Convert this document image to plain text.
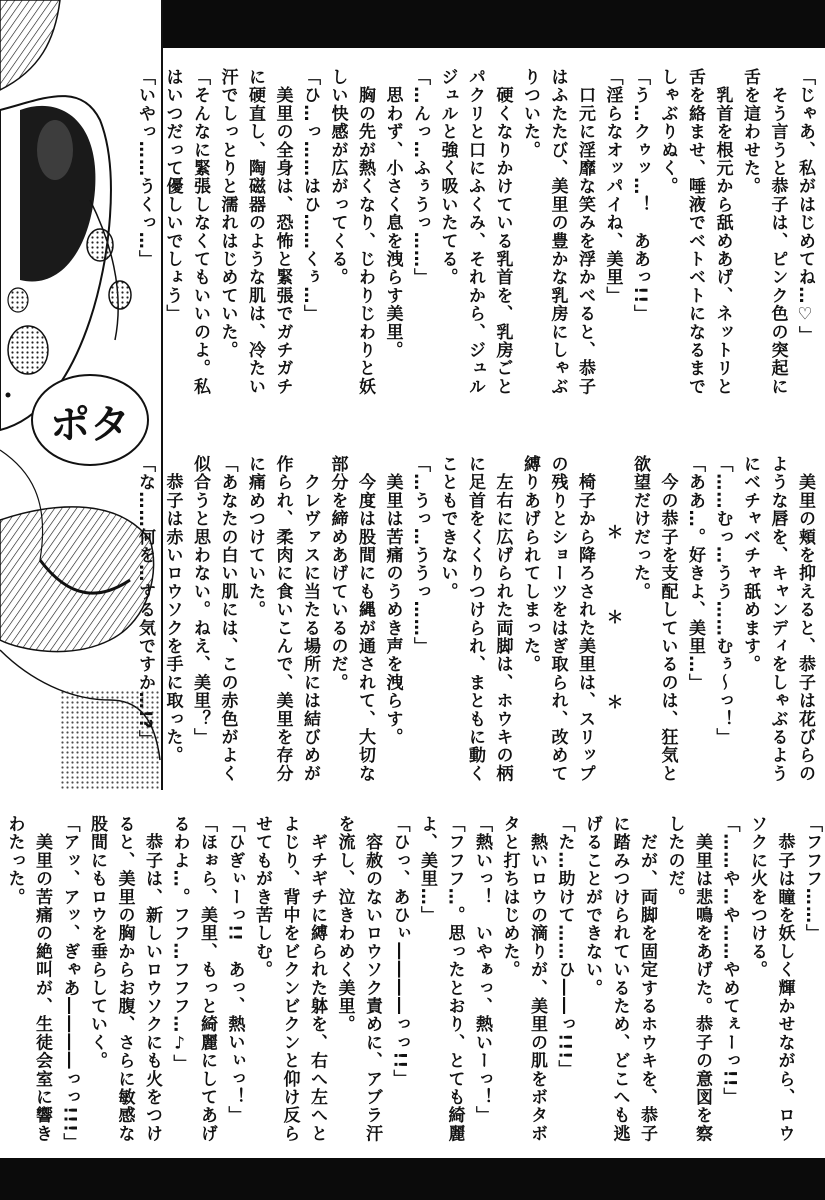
ポタ

「じゃあ、私がはじめてね…♡」

　そう言うと恭子は、ピンク色の突起に

舌を這わせた。

　乳首を根元から舐めあげ、ネットリと

舌を絡ませ、唾液でベトベトになるまで

しゃぶりぬく。

「う…クゥッ…！　ああっ!!」

「淫らなオッパイね、美里」

　口元に淫靡な笑みを浮かべると、恭子

はふたたび、美里の豊かな乳房にしゃぶ

りついた。

　硬くなりかけている乳首を、乳房ごと

パクリと口にふくみ、それから、ジュル

ジュルと強く吸いたてる。

「…んっ…ふぅうっ……」

　思わず、小さく息を洩らす美里。

　胸の先が熱くなり、じわりじわりと妖

しい快感が広がってくる。

「ひ…っ……はひ……くぅ…」

　美里の全身は、恐怖と緊張でガチガチ

に硬直し、陶磁器のような肌は、冷たい

汗でしっとりと濡れはじめていた。

「そんなに緊張しなくてもいいのよ。私

はいつだって優しいでしょう」

「いやっ……うくっ…」

　美里の頬を抑えると、恭子は花びらの

ような唇を、キャンディをしゃぶるよう

にベチャベチャ舐めます。

「……むっ…うう……むぅ～っ！」

「ああ…。好きよ、美里…」

　今の恭子を支配しているのは、狂気と

欲望だけだった。

　　　　＊　　　　＊　　　　＊

　椅子から降ろされた美里は、スリップ

の残りとショーツをはぎ取られ、改めて

縛りあげられてしまった。

　左右に広げられた両脚は、ホウキの柄

に足首をくくりつけられ、まともに動く

こともできない。

「…うっ…ううっ……」

　美里は苦痛のうめき声を洩らす。

　今度は股間にも縄が通されて、大切な

部分を締めあげているのだ。

　クレヴァスに当たる場所には結びめが

作られ、柔肉に食いこんで、美里を存分

に痛めつけていた。

「あなたの白い肌には、この赤色がよく

似合うと思わない。ねえ、美里？」

　恭子は赤いロウソクを手に取った。

「な……何を…する気ですか…!?」

「フフフ……」

　恭子は瞳を妖しく輝かせながら、ロウ

ソクに火をつける。

「……や…や……やめてぇーっ!!」

　美里は悲鳴をあげた。恭子の意図を察

したのだ。

　だが、両脚を固定するホウキを、恭子

に踏みつけられているため、どこへも逃

げることができない。

「た…助けて……ひ――っ!!!」

　熱いロウの滴りが、美里の肌をボタボ

タと打ちはじめた。

「熱いっ！　いやぁっ、熱いーっ！」

「フフフ…。思ったとおり、とても綺麗

よ、美里…」

「ひっ、あひぃ――――っっ!!」

　容赦のないロウソク責めに、アブラ汗

を流し、泣きわめく美里。

　ギチギチに縛られた躰を、右へ左へと

よじり、背中をビクンビクンと仰け反ら

せてもがき苦しむ。

「ひぎぃーっ!!　あっ、熱いぃっ！」

「ほぉら、美里、もっと綺麗にしてあげ

るわよ…。フフ…フフフ…♪」

　恭子は、新しいロウソクにも火をつけ

ると、美里の胸からお腹、さらに敏感な

股間にもロウを垂らしていく。

「アッ、アッ、ぎゃあ――――っっ!!!」

　美里の苦痛の絶叫が、生徒会室に響き

わたった。
